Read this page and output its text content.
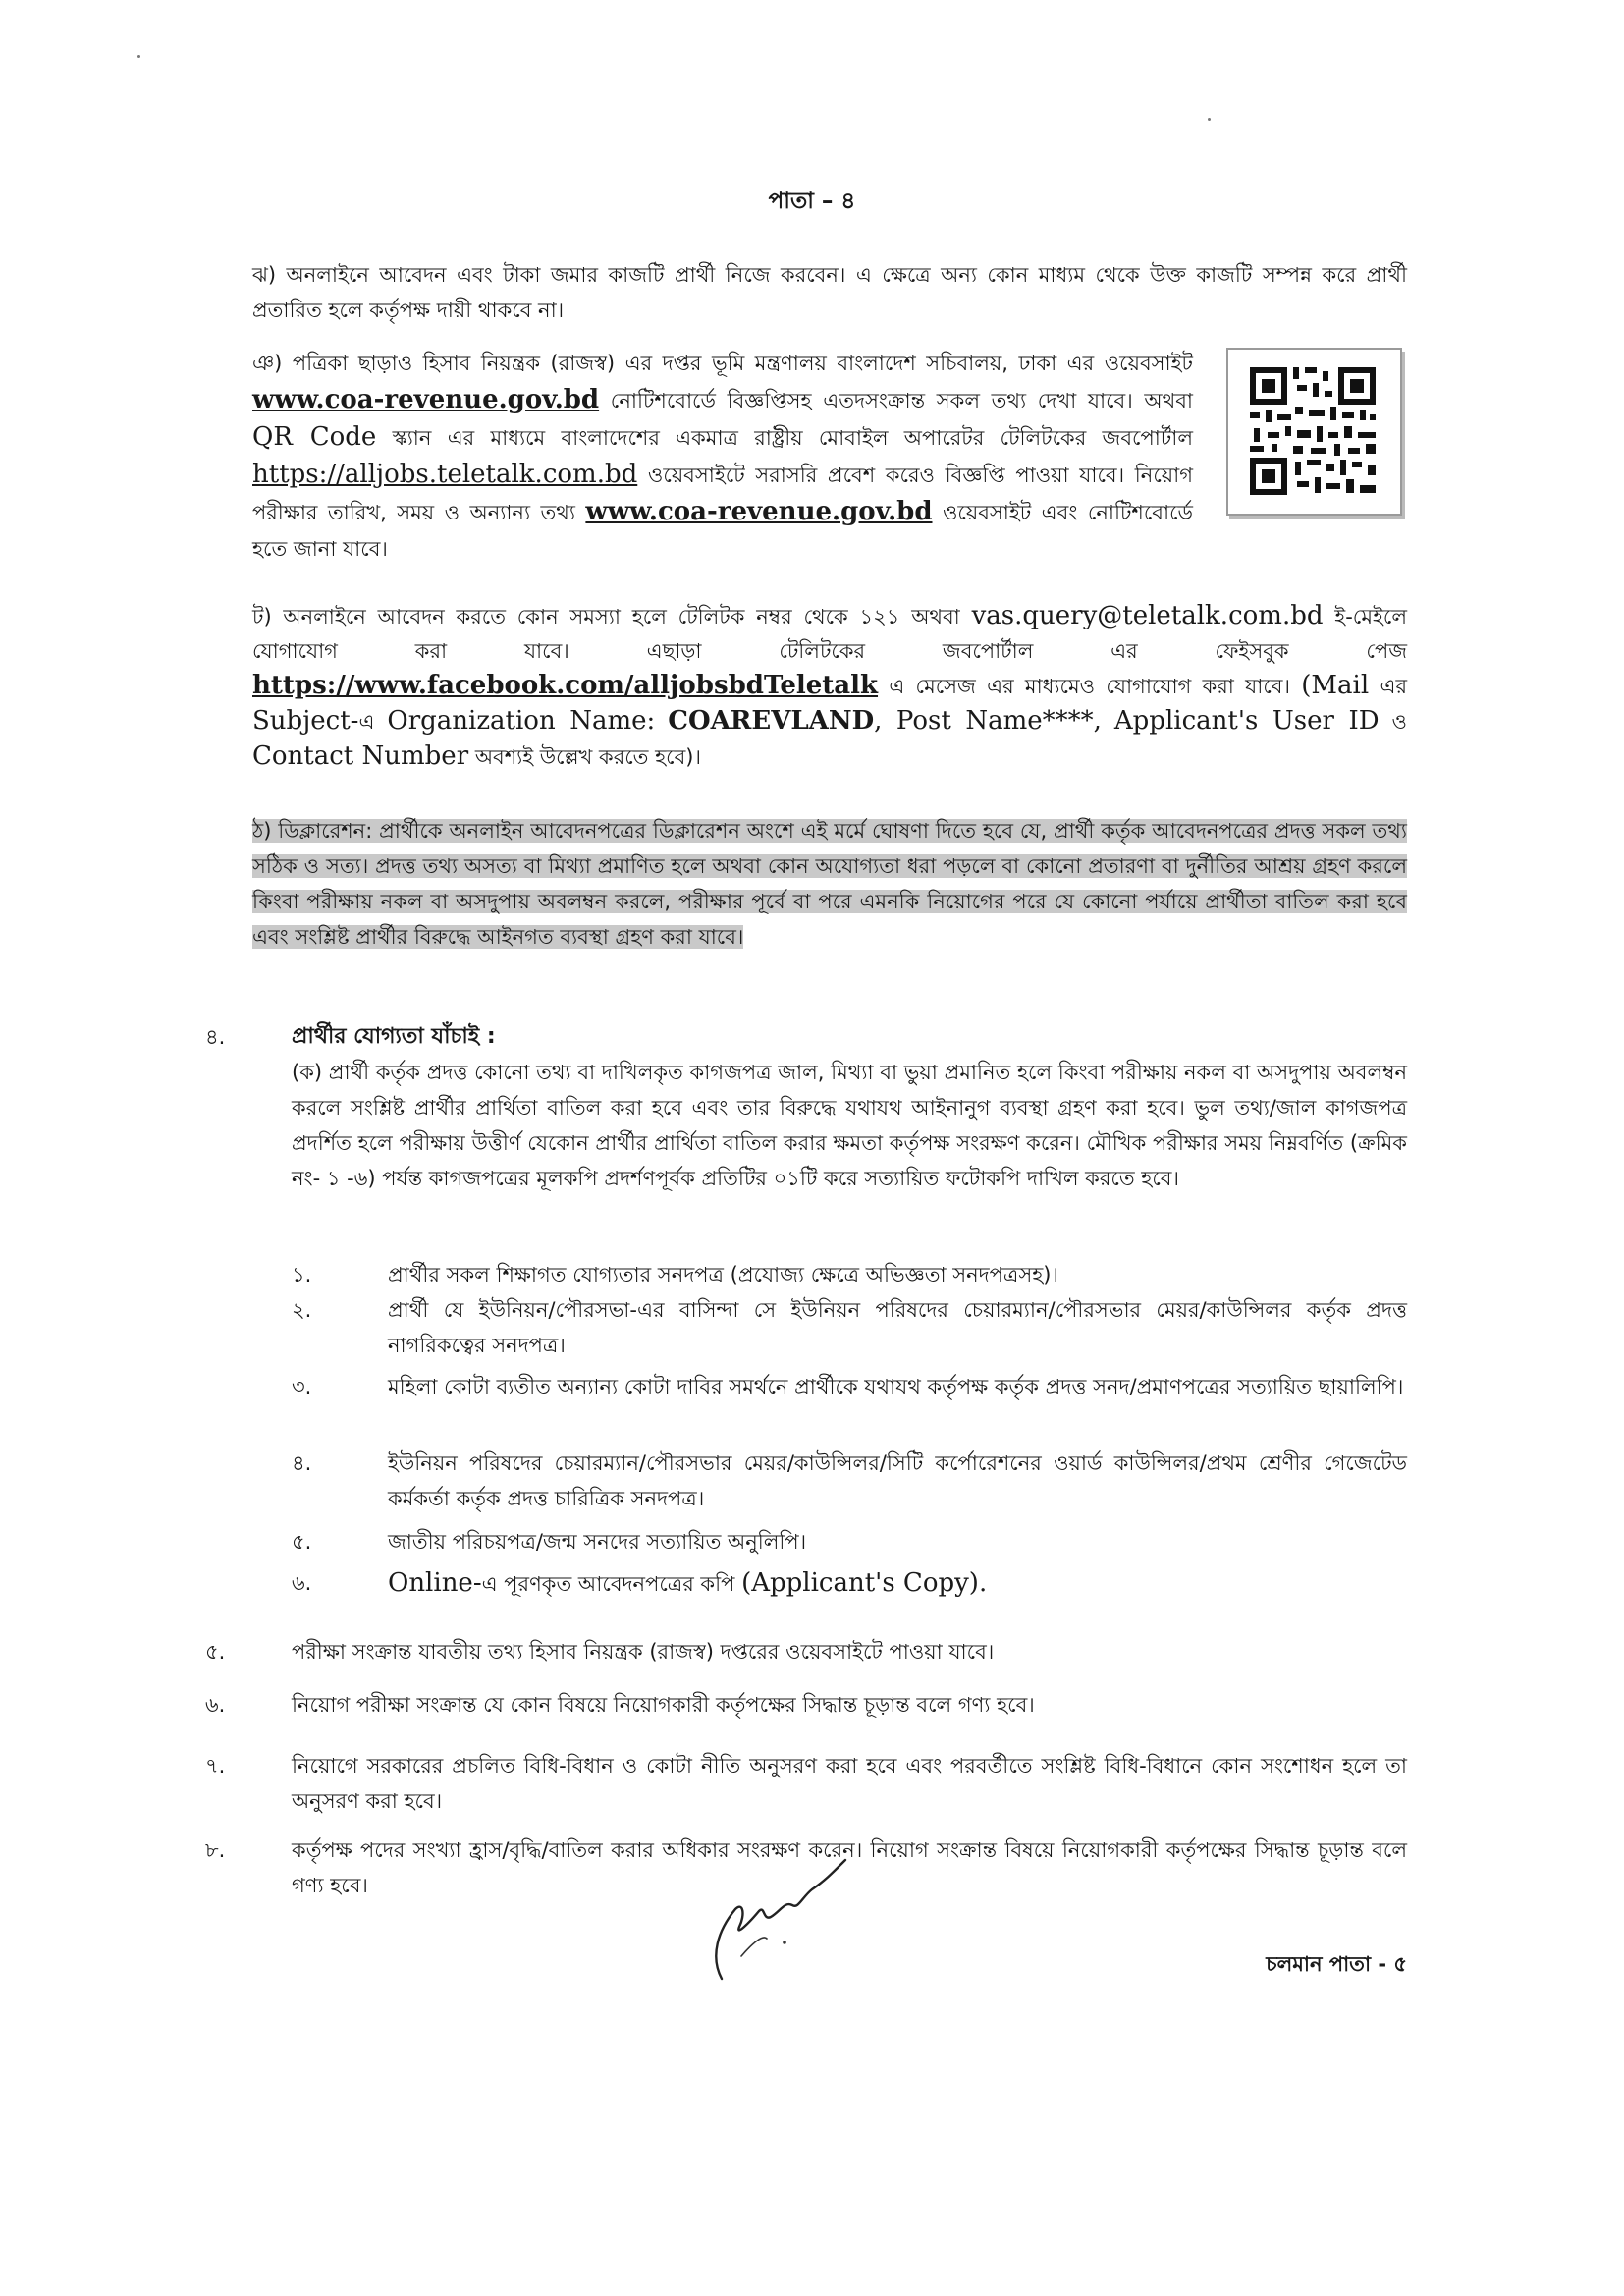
পাতা – ৪
ঝ) অনলাইনে আবেদন এবং টাকা জমার কাজটি প্রার্থী নিজে করবেন। এ ক্ষেত্রে অন্য কোন মাধ্যম থেকে উক্ত কাজটি সম্পন্ন করে প্রার্থী প্রতারিত হলে কর্তৃপক্ষ দায়ী থাকবে না।
ঞ) পত্রিকা ছাড়াও হিসাব নিয়ন্ত্রক (রাজস্ব) এর দপ্তর ভূমি মন্ত্রণালয় বাংলাদেশ সচিবালয়, ঢাকা এর ওয়েবসাইট www.coa-revenue.gov.bd নোটিশবোর্ডে বিজ্ঞপ্তিসহ এতদসংক্রান্ত সকল তথ্য দেখা যাবে। অথবা QR Code স্ক্যান এর মাধ্যমে বাংলাদেশের একমাত্র রাষ্ট্রীয় মোবাইল অপারেটর টেলিটকের জবপোর্টাল https://alljobs.teletalk.com.bd ওয়েবসাইটে সরাসরি প্রবেশ করেও বিজ্ঞপ্তি পাওয়া যাবে। নিয়োগ পরীক্ষার তারিখ, সময় ও অন্যান্য তথ্য www.coa-revenue.gov.bd ওয়েবসাইট এবং নোটিশবোর্ডে হতে জানা যাবে।
ট) অনলাইনে আবেদন করতে কোন সমস্যা হলে টেলিটক নম্বর থেকে ১২১ অথবা vas.query@teletalk.com.bd ই-মেইলে যোগাযোগ করা যাবে। এছাড়া টেলিটকের জবপোর্টাল এর ফেইসবুক পেজ https://www.facebook.com/alljobsbdTeletalk এ মেসেজ এর মাধ্যমেও যোগাযোগ করা যাবে। (Mail এর Subject-এ Organization Name: COAREVLAND, Post Name****, Applicant's User ID ও Contact Number অবশ্যই উল্লেখ করতে হবে)।
ঠ) ডিক্লারেশন: প্রার্থীকে অনলাইন আবেদনপত্রের ডিক্লারেশন অংশে এই মর্মে ঘোষণা দিতে হবে যে, প্রার্থী কর্তৃক আবেদনপত্রের প্রদত্ত সকল তথ্য সঠিক ও সত্য। প্রদত্ত তথ্য অসত্য বা মিথ্যা প্রমাণিত হলে অথবা কোন অযোগ্যতা ধরা পড়লে বা কোনো প্রতারণা বা দুর্নীতির আশ্রয় গ্রহণ করলে কিংবা পরীক্ষায় নকল বা অসদুপায় অবলম্বন করলে, পরীক্ষার পূর্বে বা পরে এমনকি নিয়োগের পরে যে কোনো পর্যায়ে প্রার্থীতা বাতিল করা হবে এবং সংশ্লিষ্ট প্রার্থীর বিরুদ্ধে আইনগত ব্যবস্থা গ্রহণ করা যাবে।
৪.	প্রার্থীর যোগ্যতা যাঁচাই :
(ক) প্রার্থী কর্তৃক প্রদত্ত কোনো তথ্য বা দাখিলকৃত কাগজপত্র জাল, মিথ্যা বা ভুয়া প্রমানিত হলে কিংবা পরীক্ষায় নকল বা অসদুপায় অবলম্বন করলে সংশ্লিষ্ট প্রার্থীর প্রার্থিতা বাতিল করা হবে এবং তার বিরুদ্ধে যথাযথ আইনানুগ ব্যবস্থা গ্রহণ করা হবে। ভুল তথ্য/জাল কাগজপত্র প্রদর্শিত হলে পরীক্ষায় উত্তীর্ণ যেকোন প্রার্থীর প্রার্থিতা বাতিল করার ক্ষমতা কর্তৃপক্ষ সংরক্ষণ করেন। মৌখিক পরীক্ষার সময় নিম্নবর্ণিত (ক্রমিক নং- ১ -৬) পর্যন্ত কাগজপত্রের মূলকপি প্রদর্শণপূর্বক প্রতিটির ০১টি করে সত্যায়িত ফটোকপি দাখিল করতে হবে।
১.	প্রার্থীর সকল শিক্ষাগত যোগ্যতার সনদপত্র (প্রযোজ্য ক্ষেত্রে অভিজ্ঞতা সনদপত্রসহ)।
২.	প্রার্থী যে ইউনিয়ন/পৌরসভা-এর বাসিন্দা সে ইউনিয়ন পরিষদের চেয়ারম্যান/পৌরসভার মেয়র/কাউন্সিলর কর্তৃক প্রদত্ত নাগরিকত্বের সনদপত্র।
৩.	মহিলা কোটা ব্যতীত অন্যান্য কোটা দাবির সমর্থনে প্রার্থীকে যথাযথ কর্তৃপক্ষ কর্তৃক প্রদত্ত সনদ/প্রমাণপত্রের সত্যায়িত ছায়ালিপি।
৪.	ইউনিয়ন পরিষদের চেয়ারম্যান/পৌরসভার মেয়র/কাউন্সিলর/সিটি কর্পোরেশনের ওয়ার্ড কাউন্সিলর/প্রথম শ্রেণীর গেজেটেড কর্মকর্তা কর্তৃক প্রদত্ত চারিত্রিক সনদপত্র।
৫.	জাতীয় পরিচয়পত্র/জন্ম সনদের সত্যায়িত অনুলিপি।
৬.	Online-এ পূরণকৃত আবেদনপত্রের কপি (Applicant's Copy).
৫.	পরীক্ষা সংক্রান্ত যাবতীয় তথ্য হিসাব নিয়ন্ত্রক (রাজস্ব) দপ্তরের ওয়েবসাইটে পাওয়া যাবে।
৬.	নিয়োগ পরীক্ষা সংক্রান্ত যে কোন বিষয়ে নিয়োগকারী কর্তৃপক্ষের সিদ্ধান্ত চূড়ান্ত বলে গণ্য হবে।
৭.	নিয়োগে সরকারের প্রচলিত বিধি-বিধান ও কোটা নীতি অনুসরণ করা হবে এবং পরবর্তীতে সংশ্লিষ্ট বিধি-বিধানে কোন সংশোধন হলে তা অনুসরণ করা হবে।
৮.	কর্তৃপক্ষ পদের সংখ্যা হ্রাস/বৃদ্ধি/বাতিল করার অধিকার সংরক্ষণ করেন। নিয়োগ সংক্রান্ত বিষয়ে নিয়োগকারী কর্তৃপক্ষের সিদ্ধান্ত চূড়ান্ত বলে গণ্য হবে।
চলমান পাতা - ৫
